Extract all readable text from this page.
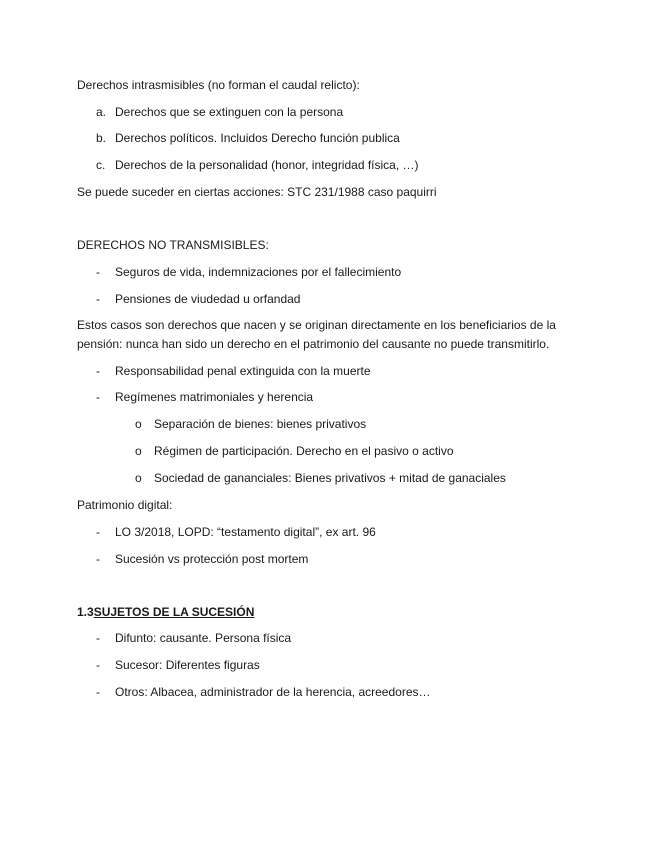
Derechos intrasmisibles (no forman el caudal relicto):
a. Derechos que se extinguen con la persona
b. Derechos políticos. Incluidos Derecho función publica
c. Derechos de la personalidad (honor, integridad física, …)
Se puede suceder en ciertas acciones: STC 231/1988 caso paquirri
DERECHOS NO TRANSMISIBLES:
- Seguros de vida, indemnizaciones por el fallecimiento
- Pensiones de viudedad u orfandad
Estos casos son derechos que nacen y se originan directamente en los beneficiarios de la pensión: nunca han sido un derecho en el patrimonio del causante no puede transmitirlo.
- Responsabilidad penal extinguida con la muerte
- Regímenes matrimoniales y herencia
o Separación de bienes: bienes privativos
o Régimen de participación. Derecho en el pasivo o activo
o Sociedad de gananciales: Bienes privativos + mitad de ganaciales
Patrimonio digital:
- LO 3/2018, LOPD: “testamento digital”, ex art. 96
- Sucesión vs protección post mortem
1.3SUJETOS DE LA SUCESIÓN
- Difunto: causante. Persona física
- Sucesor: Diferentes figuras
- Otros: Albacea, administrador de la herencia, acreedores…
